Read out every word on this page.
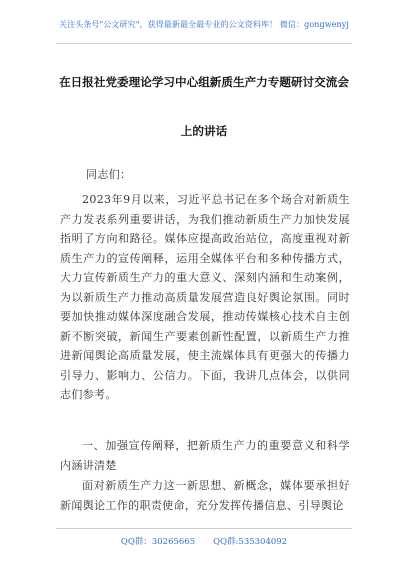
关注头条号"公文研究"，获得最新最全最专业的公文资料库！ 微信：gongwenyj
在日报社党委理论学习中心组新质生产力专题研讨交流会
上的讲话
同志们：
2023年9月以来，习近平总书记在多个场合对新质生产力发表系列重要讲话，为我们推动新质生产力加快发展指明了方向和路径。媒体应提高政治站位，高度重视对新质生产力的宣传阐释，运用全媒体平台和多种传播方式，大力宣传新质生产力的重大意义、深刻内涵和生动案例，为以新质生产力推动高质量发展营造良好舆论氛围。同时要加快推动媒体深度融合发展，推动传媒核心技术自主创新不断突破，新闻生产要素创新性配置，以新质生产力推进新闻舆论高质量发展，使主流媒体具有更强大的传播力引导力、影响力、公信力。下面，我讲几点体会，以供同志们参考。
一、加强宣传阐释，把新质生产力的重要意义和科学内涵讲清楚
面对新质生产力这一新思想、新概念，媒体要承担好新闻舆论工作的职责使命，充分发挥传播信息、引导舆论
QQ群：30265665 QQ群:535304092
